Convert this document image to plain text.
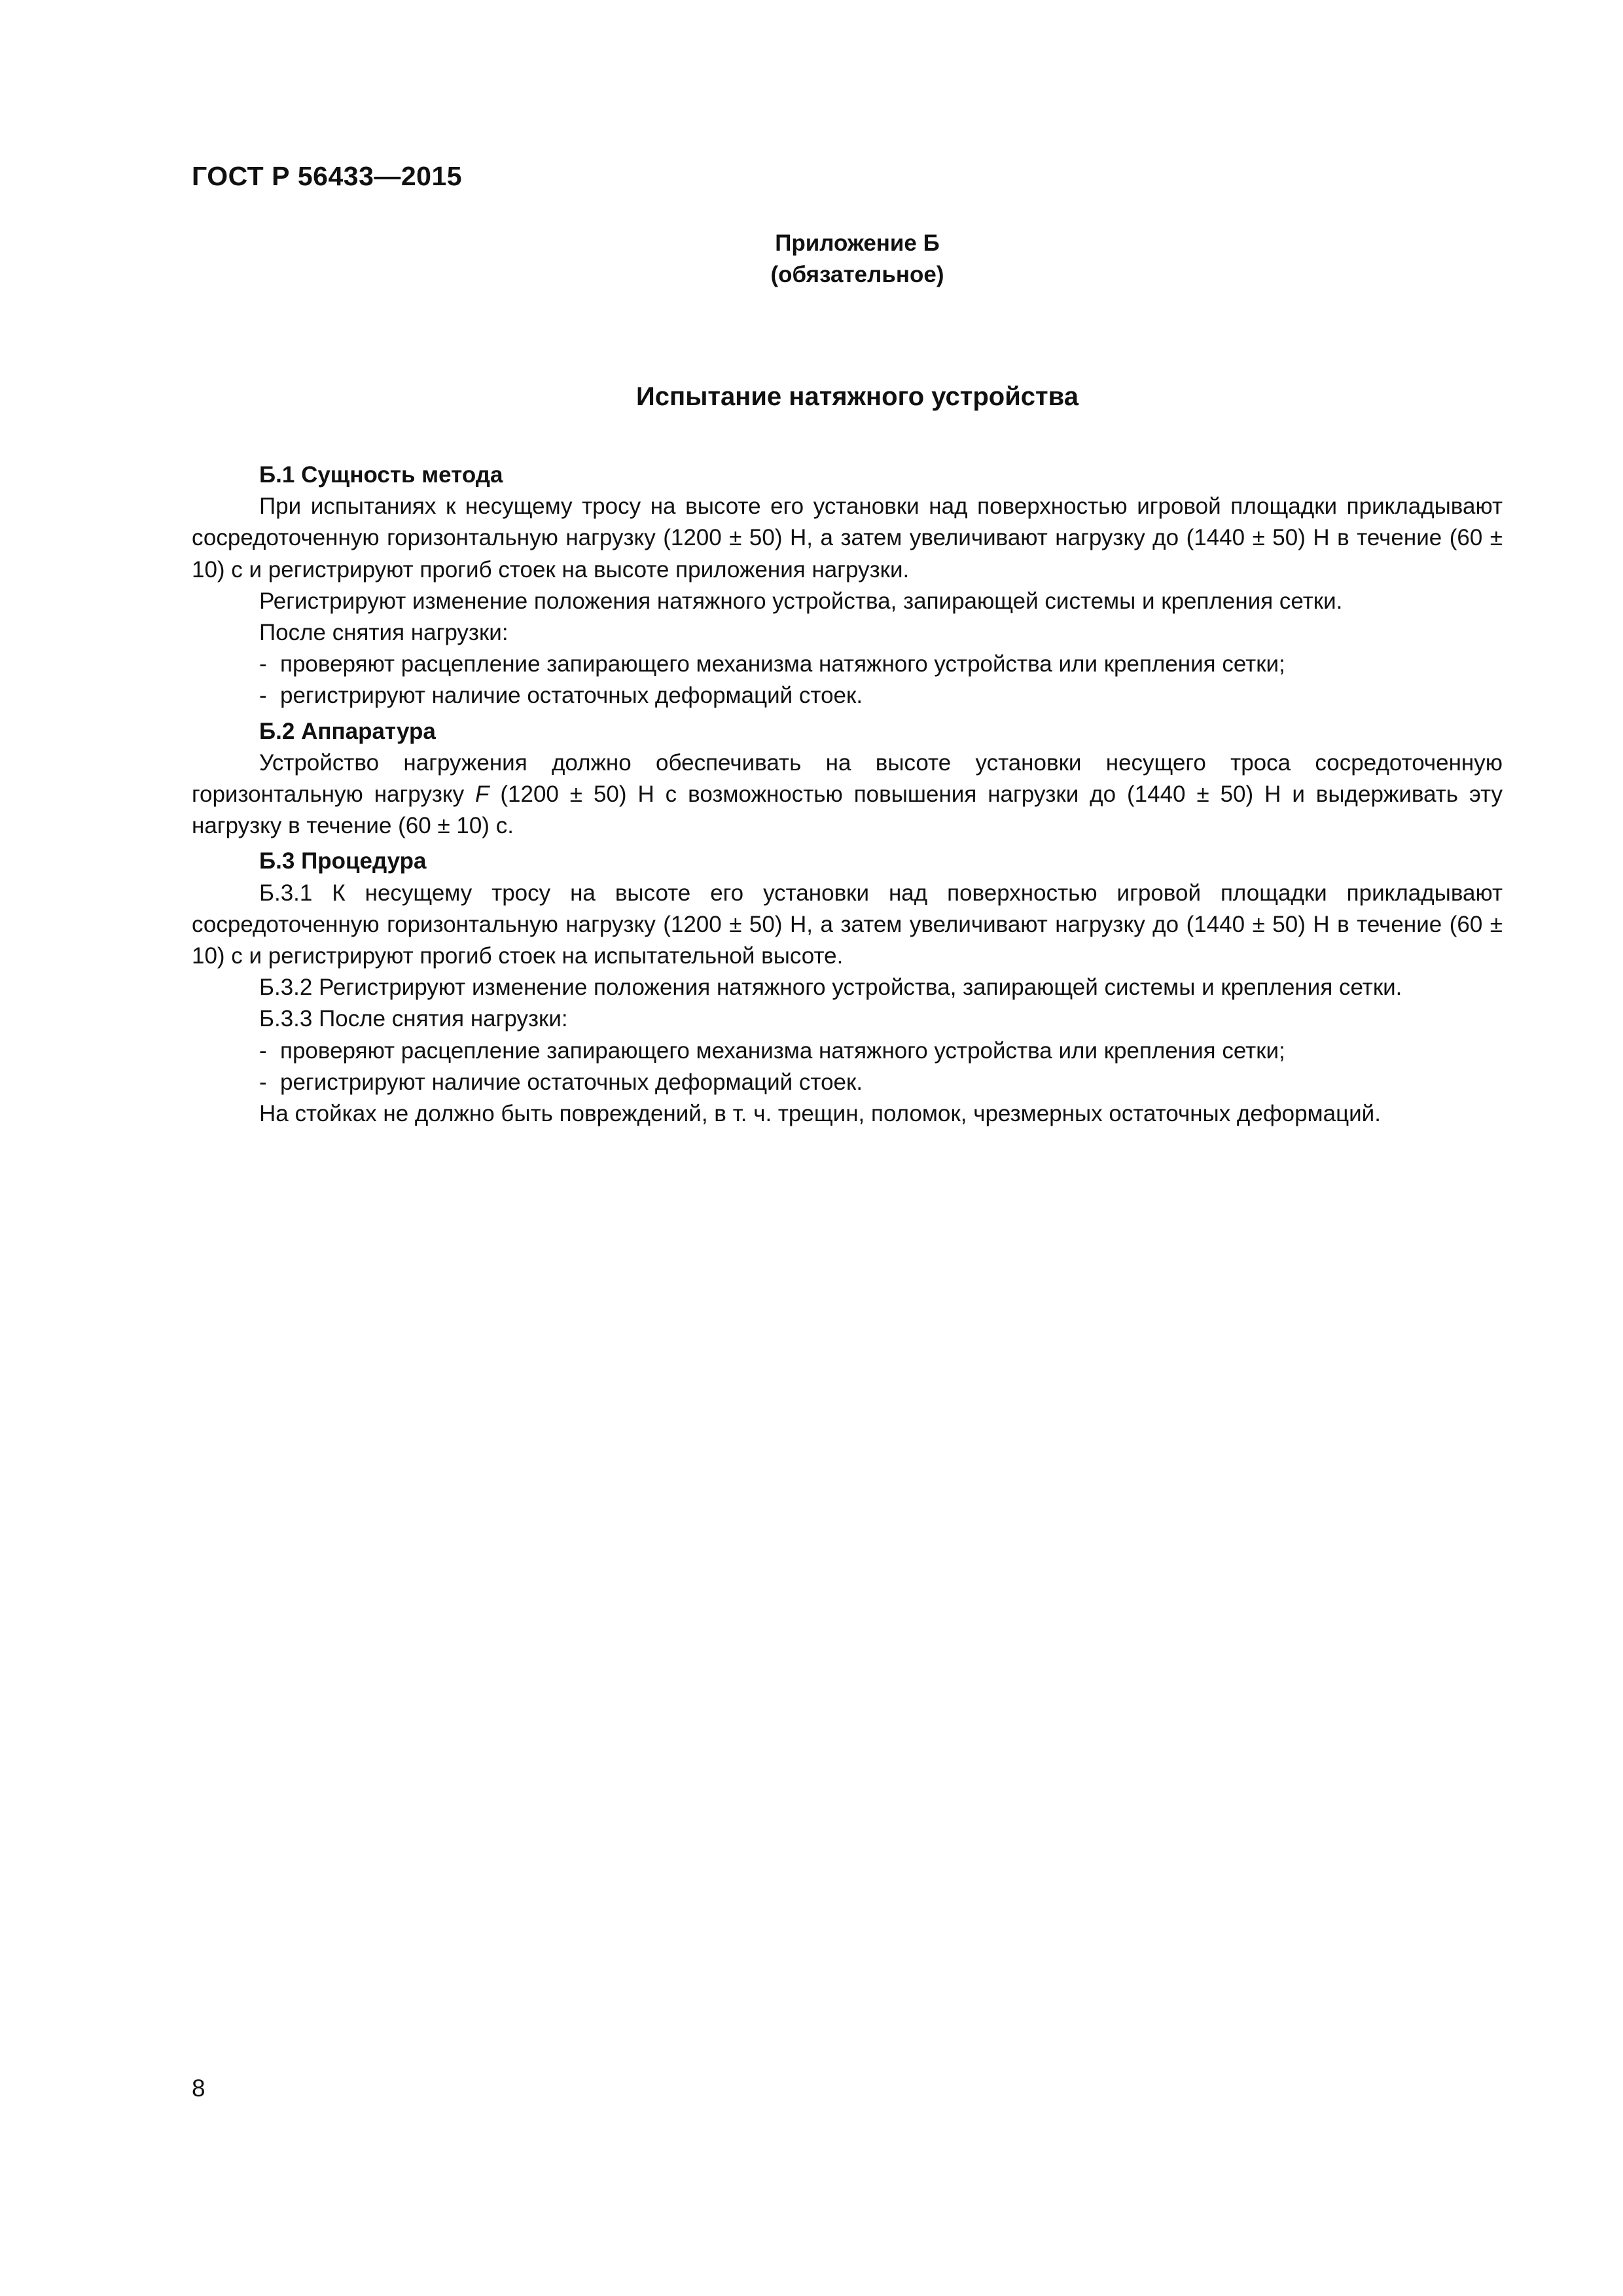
ГОСТ Р 56433—2015
Приложение Б
(обязательное)
Испытание натяжного устройства

Б.1 Сущность метода

При испытаниях к несущему тросу на высоте его установки над поверхностью игровой площадки прикладывают сосредоточенную горизонтальную нагрузку (1200 ± 50) Н, а затем увеличивают нагрузку до (1440 ± 50) Н в течение (60 ± 10) с и регистрируют прогиб стоек на высоте приложения нагрузки.

Регистрируют изменение положения натяжного устройства, запирающей системы и крепления сетки.

После снятия нагрузки:

- проверяют расцепление запирающего механизма натяжного устройства или крепления сетки;

- регистрируют наличие остаточных деформаций стоек.

Б.2 Аппаратура

Устройство нагружения должно обеспечивать на высоте установки несущего троса сосредоточенную горизонтальную нагрузку F (1200 ± 50) Н с возможностью повышения нагрузки до (1440 ± 50) Н и выдерживать эту нагрузку в течение (60 ± 10) с.

Б.3 Процедура

Б.3.1 К несущему тросу на высоте его установки над поверхностью игровой площадки прикладывают сосредоточенную горизонтальную нагрузку (1200 ± 50) Н, а затем увеличивают нагрузку до (1440 ± 50) Н в течение (60 ± 10) с и регистрируют прогиб стоек на испытательной высоте.

Б.3.2 Регистрируют изменение положения натяжного устройства, запирающей системы и крепления сетки.

Б.3.3 После снятия нагрузки:

- проверяют расцепление запирающего механизма натяжного устройства или крепления сетки;

- регистрируют наличие остаточных деформаций стоек.

На стойках не должно быть повреждений, в т. ч. трещин, поломок, чрезмерных остаточных деформаций.

8
